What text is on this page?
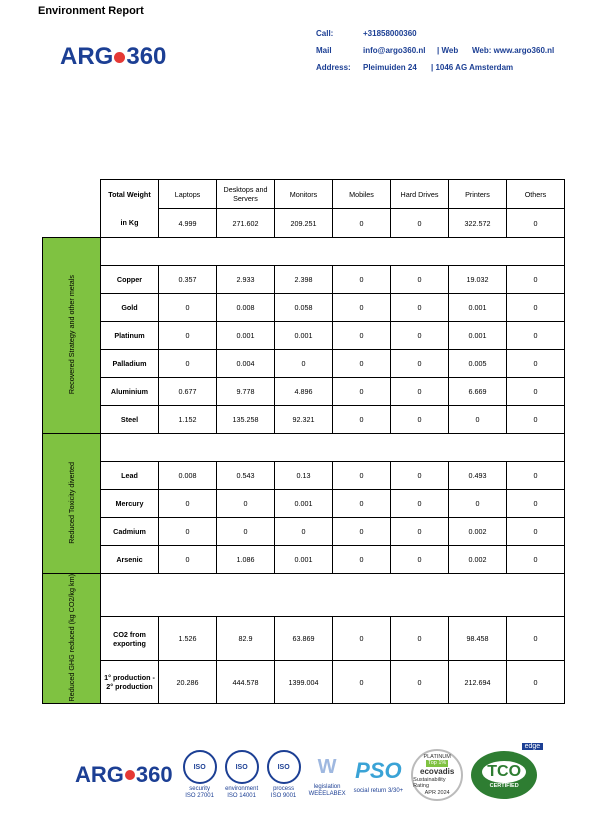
Environment Report
ARG 360
Call:	+31858000360
Mail	info@argo360.nl | Web Web: www.argo360.nl
Address: Pleimuiden 24 | 1046 AG Amsterdam
	Total Weight	Laptops	Desktops and Servers	Monitors	Mobiles	Hard Drives	Printers	Others
	in Kg	4.999	271.602	209.251	0	0	322.572	0
Recovered Strategy and other metals								
	Copper	0.357	2.933	2.398	0	0	19.032	0
	Gold	0	0.008	0.058	0	0	0.001	0
	Platinum	0	0.001	0.001	0	0	0.001	0
	Palladium	0	0.004	0	0	0	0.005	0
	Aluminium	0.677	9.778	4.896	0	0	6.669	0
	Steel	1.152	135.258	92.321	0	0	0	0
Reduced Toxicity diverted								
	Lead	0.008	0.543	0.13	0	0	0.493	0
	Mercury	0	0	0.001	0	0	0	0
	Cadmium	0	0	0	0	0	0.002	0
	Arsenic	0	1.086	0.001	0	0	0.002	0
Reduced GHG reduced (kg CO2/kg km)								
	CO2 from exporting	1.526	82.9	63.869	0	0	98.458	0
	1° production - 2° production	20.286	444.578	1399.004	0	0	212.694	0
ARG 360	ISO
security
ISO 27001
ISO
environment
ISO 14001
ISO
process
ISO 9001
W
legislation
WEEELABEX
PSO
social return 3/30+
PLATINUM
Top 1%
ecovadis
Sustainability Rating
APR 2024
TCO
CERTIFIED
edge
